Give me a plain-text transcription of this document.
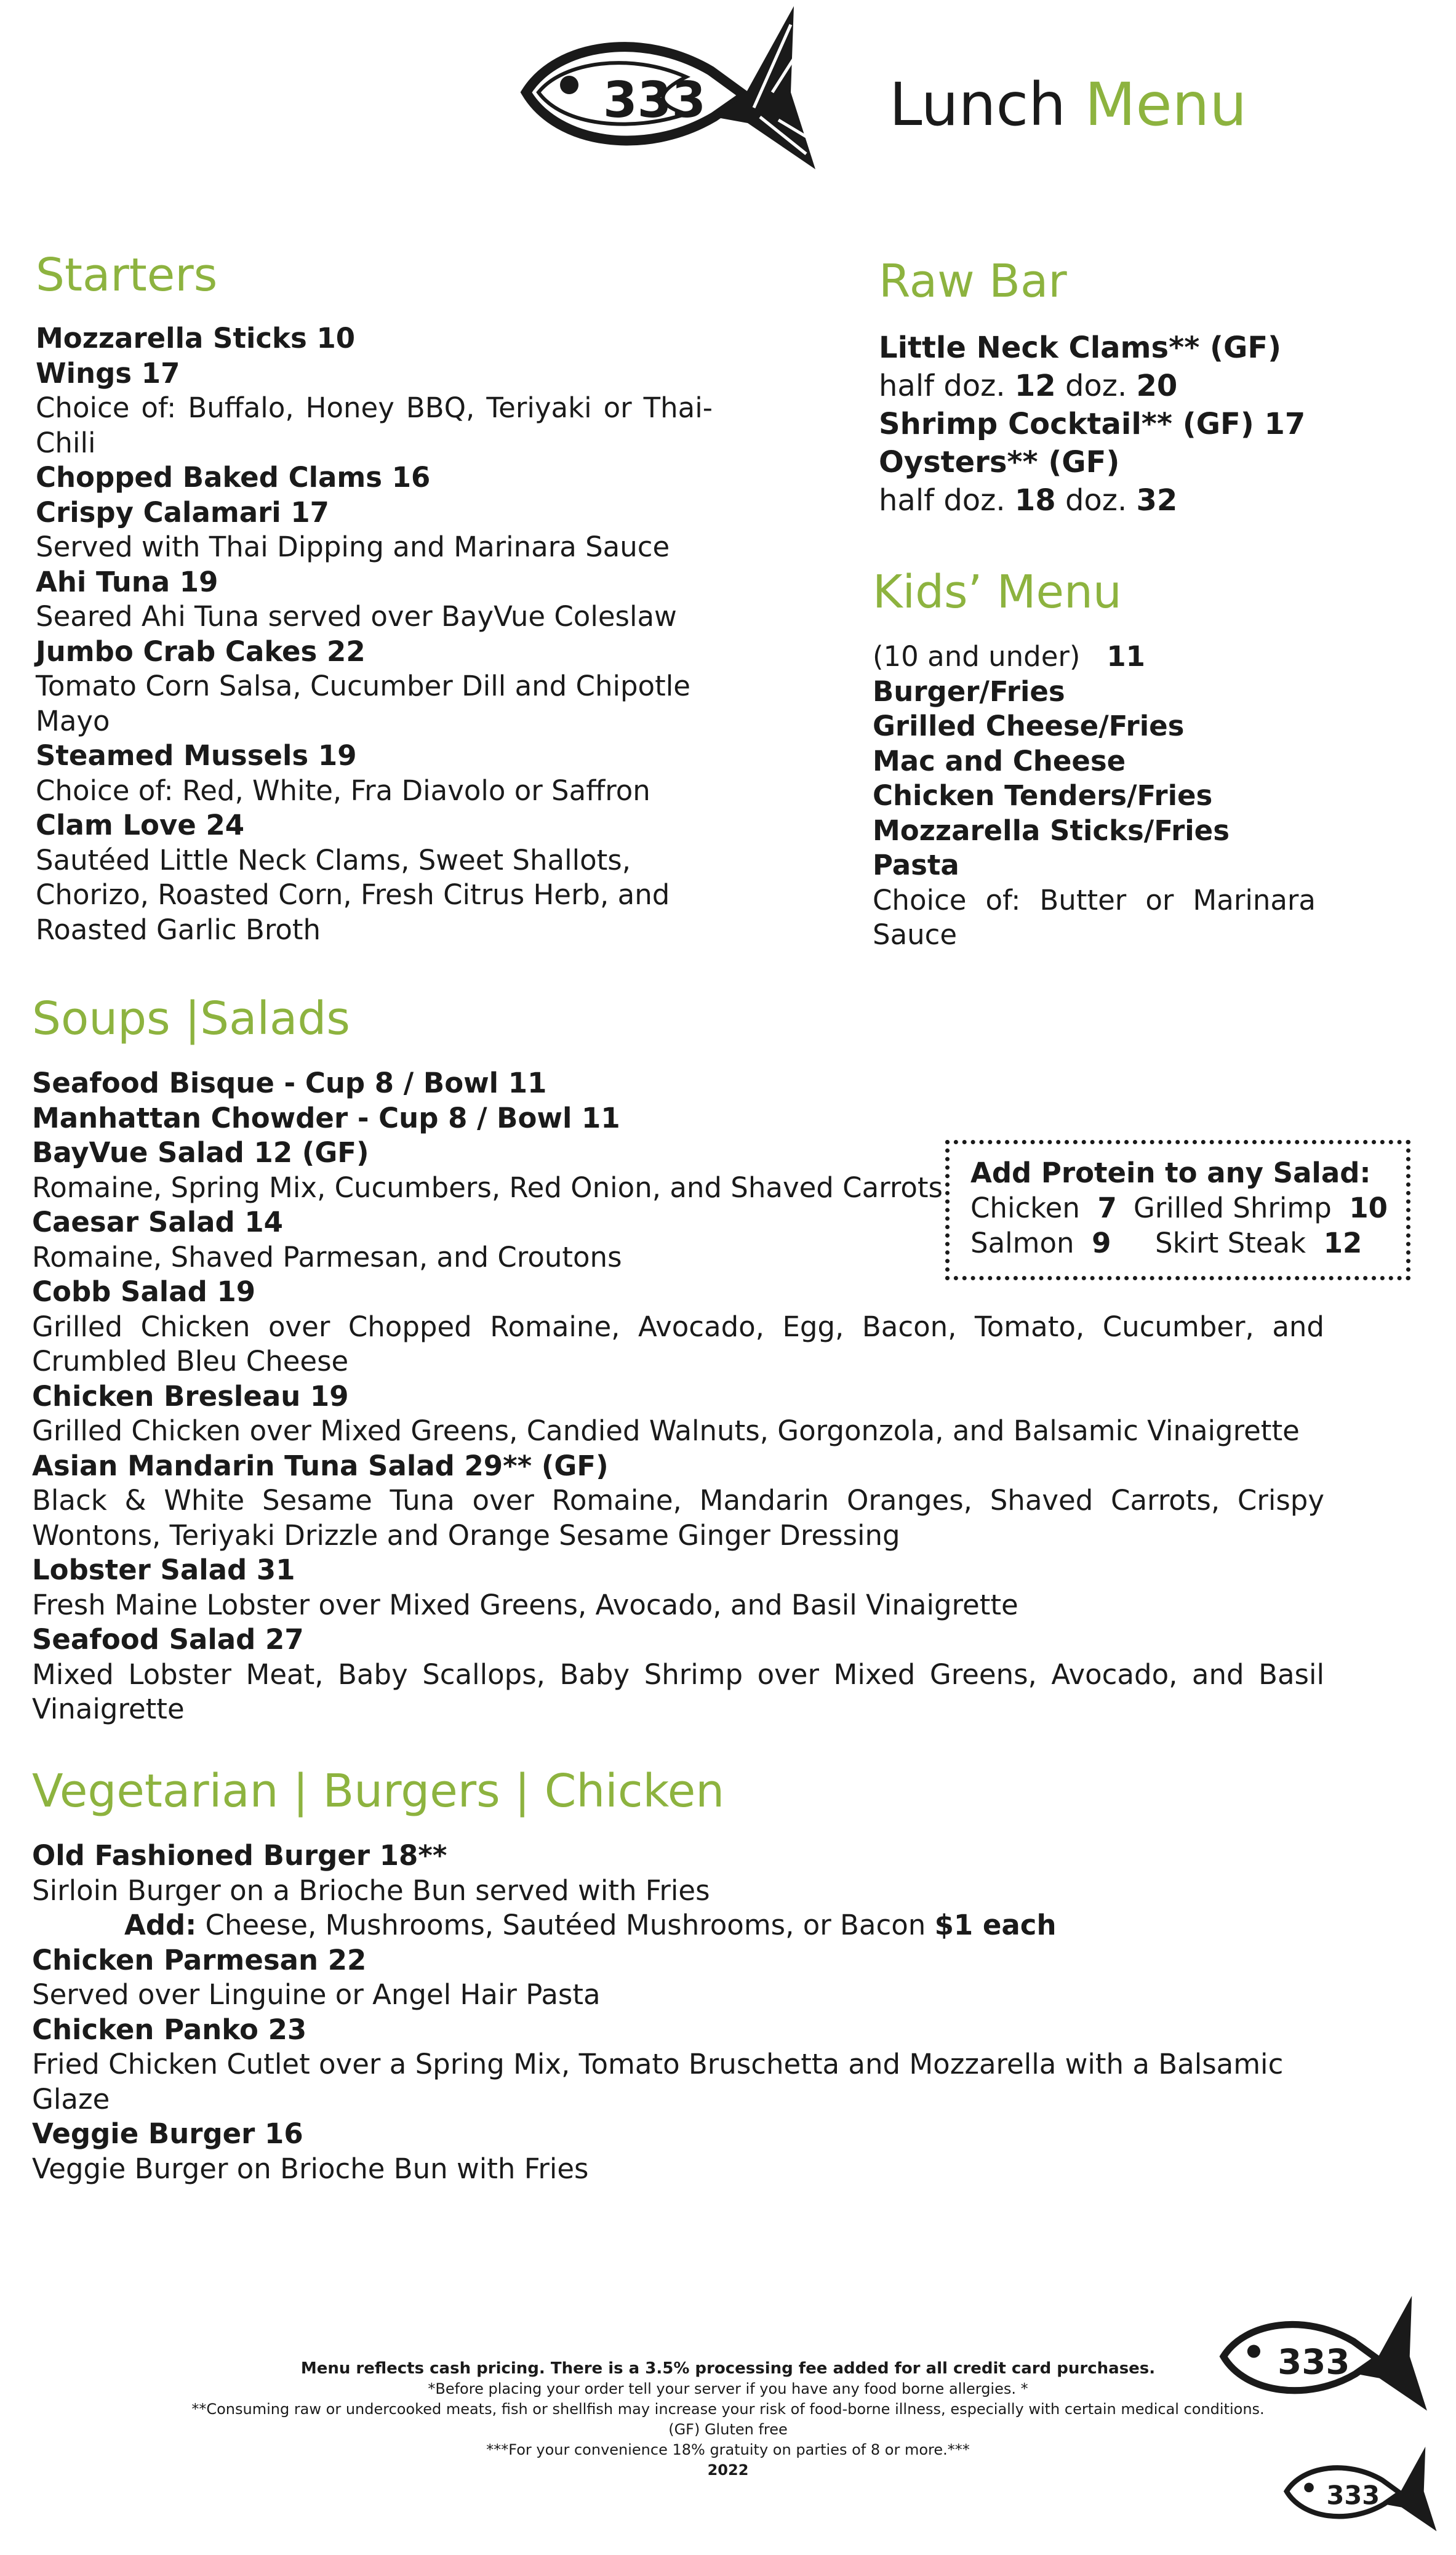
333	Lunch Menu
Starters
Mozzarella Sticks 10
Wings 17
Choice of: Buffalo, Honey BBQ, Teriyaki or Thai-Chili
Chopped Baked Clams 16
Crispy Calamari 17
Served with Thai Dipping and Marinara Sauce
Ahi Tuna 19
Seared Ahi Tuna served over BayVue Coleslaw
Jumbo Crab Cakes 22
Tomato Corn Salsa, Cucumber Dill and Chipotle Mayo
Steamed Mussels 19
Choice of: Red, White, Fra Diavolo or Saffron
Clam Love 24
Sautéed Little Neck Clams, Sweet Shallots, Chorizo, Roasted Corn, Fresh Citrus Herb, and Roasted Garlic Broth
Raw Bar
Little Neck Clams** (GF)
half doz. 12 doz. 20
Shrimp Cocktail** (GF) 17
Oysters** (GF)
half doz. 18 doz. 32
Kids’ Menu
(10 and under) 11
Burger/Fries
Grilled Cheese/Fries
Mac and Cheese
Chicken Tenders/Fries
Mozzarella Sticks/Fries
Pasta
Choice of: Butter or Marinara Sauce
Soups |Salads
Seafood Bisque - Cup 8 / Bowl 11
Manhattan Chowder - Cup 8 / Bowl 11
BayVue Salad 12 (GF)
Romaine, Spring Mix, Cucumbers, Red Onion, and Shaved Carrots
Caesar Salad 14
Romaine, Shaved Parmesan, and Croutons
Cobb Salad 19
Grilled Chicken over Chopped Romaine, Avocado, Egg, Bacon, Tomato, Cucumber, and Crumbled Bleu Cheese
Chicken Bresleau 19
Grilled Chicken over Mixed Greens, Candied Walnuts, Gorgonzola, and Balsamic Vinaigrette
Asian Mandarin Tuna Salad 29** (GF)
Black & White Sesame Tuna over Romaine, Mandarin Oranges, Shaved Carrots, Crispy Wontons, Teriyaki Drizzle and Orange Sesame Ginger Dressing
Lobster Salad 31
Fresh Maine Lobster over Mixed Greens, Avocado, and Basil Vinaigrette
Seafood Salad 27
Mixed Lobster Meat, Baby Scallops, Baby Shrimp over Mixed Greens, Avocado, and Basil Vinaigrette
Add Protein to any Salad:
Chicken 7 Grilled Shrimp 10
Salmon 9	Skirt Steak 12
Vegetarian | Burgers | Chicken
Old Fashioned Burger 18**
Sirloin Burger on a Brioche Bun served with Fries
Add: Cheese, Mushrooms, Sautéed Mushrooms, or Bacon $1 each
Chicken Parmesan 22
Served over Linguine or Angel Hair Pasta
Chicken Panko 23
Fried Chicken Cutlet over a Spring Mix, Tomato Bruschetta and Mozzarella with a Balsamic Glaze
Veggie Burger 16
Veggie Burger on Brioche Bun with Fries
Menu reflects cash pricing. There is a 3.5% processing fee added for all credit card purchases.
*Before placing your order tell your server if you have any food borne allergies. *
**Consuming raw or undercooked meats, fish or shellfish may increase your risk of food-borne illness, especially with certain medical conditions.
(GF) Gluten free
***For your convenience 18% gratuity on parties of 8 or more.***
2022
333
333
